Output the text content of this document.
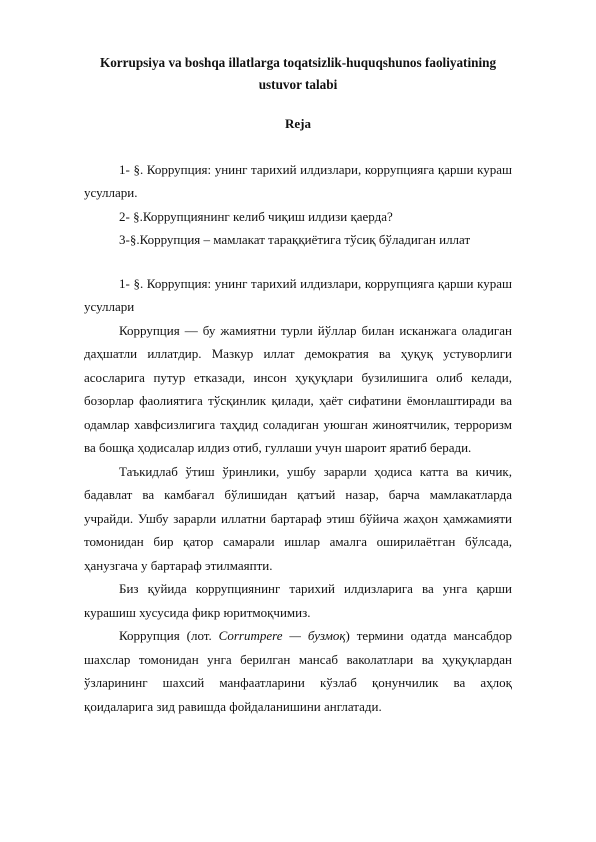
Korrupsiya va boshqa illatlarga toqatsizlik-huquqshunos faoliyatining ustuvor talabi

Reja

1- §. Коррупция: унинг тарихий илдизлари, коррупцияга қарши кураш усуллари.

2- §.Коррупциянинг келиб чиқиш илдизи қаерда?

3-§.Коррупция – мамлакат тараққиётига тўсиқ бўладиган иллат

1- §. Коррупция: унинг тарихий илдизлари, коррупцияга қарши кураш усуллари

Коррупция — бу жамиятни турли йўллар билан исканжага оладиган даҳшатли иллатдир. Мазкур иллат демократия ва ҳуқуқ устуворлиги асосларига путур етказади, инсон ҳуқуқлари бузилишига олиб келади, бозорлар фаолиятига тўсқинлик қилади, ҳаёт сифатини ёмонлаштиради ва одамлар хавфсизлигига таҳдид соладиган уюшган жиноятчилик, терроризм ва бошқа ҳодисалар илдиз отиб, гуллаши учун шароит яратиб беради.

Таъкидлаб ўтиш ўринлики, ушбу зарарли ҳодиса катта ва кичик, бадавлат ва камбағал бўлишидан қатъий назар, барча мамлакатларда учрайди. Ушбу зарарли иллатни бартараф этиш бўйича жаҳон ҳамжамияти томонидан бир қатор самарали ишлар амалга оширилаётган бўлсада, ҳанузгача у бартараф этилмаяпти.

Биз қуйида коррупциянинг тарихий илдизларига ва унга қарши курашиш хусусида фикр юритмоқчимиз.

Коррупция (лот. Corrumpere — бузмоқ) термини одатда мансабдор шахслар томонидан унга берилган мансаб ваколатлари ва ҳуқуқлардан ўзларининг шахсий манфаатларини кўзлаб қонунчилик ва аҳлоқ қоидаларига зид равишда фойдаланишини англатади.
